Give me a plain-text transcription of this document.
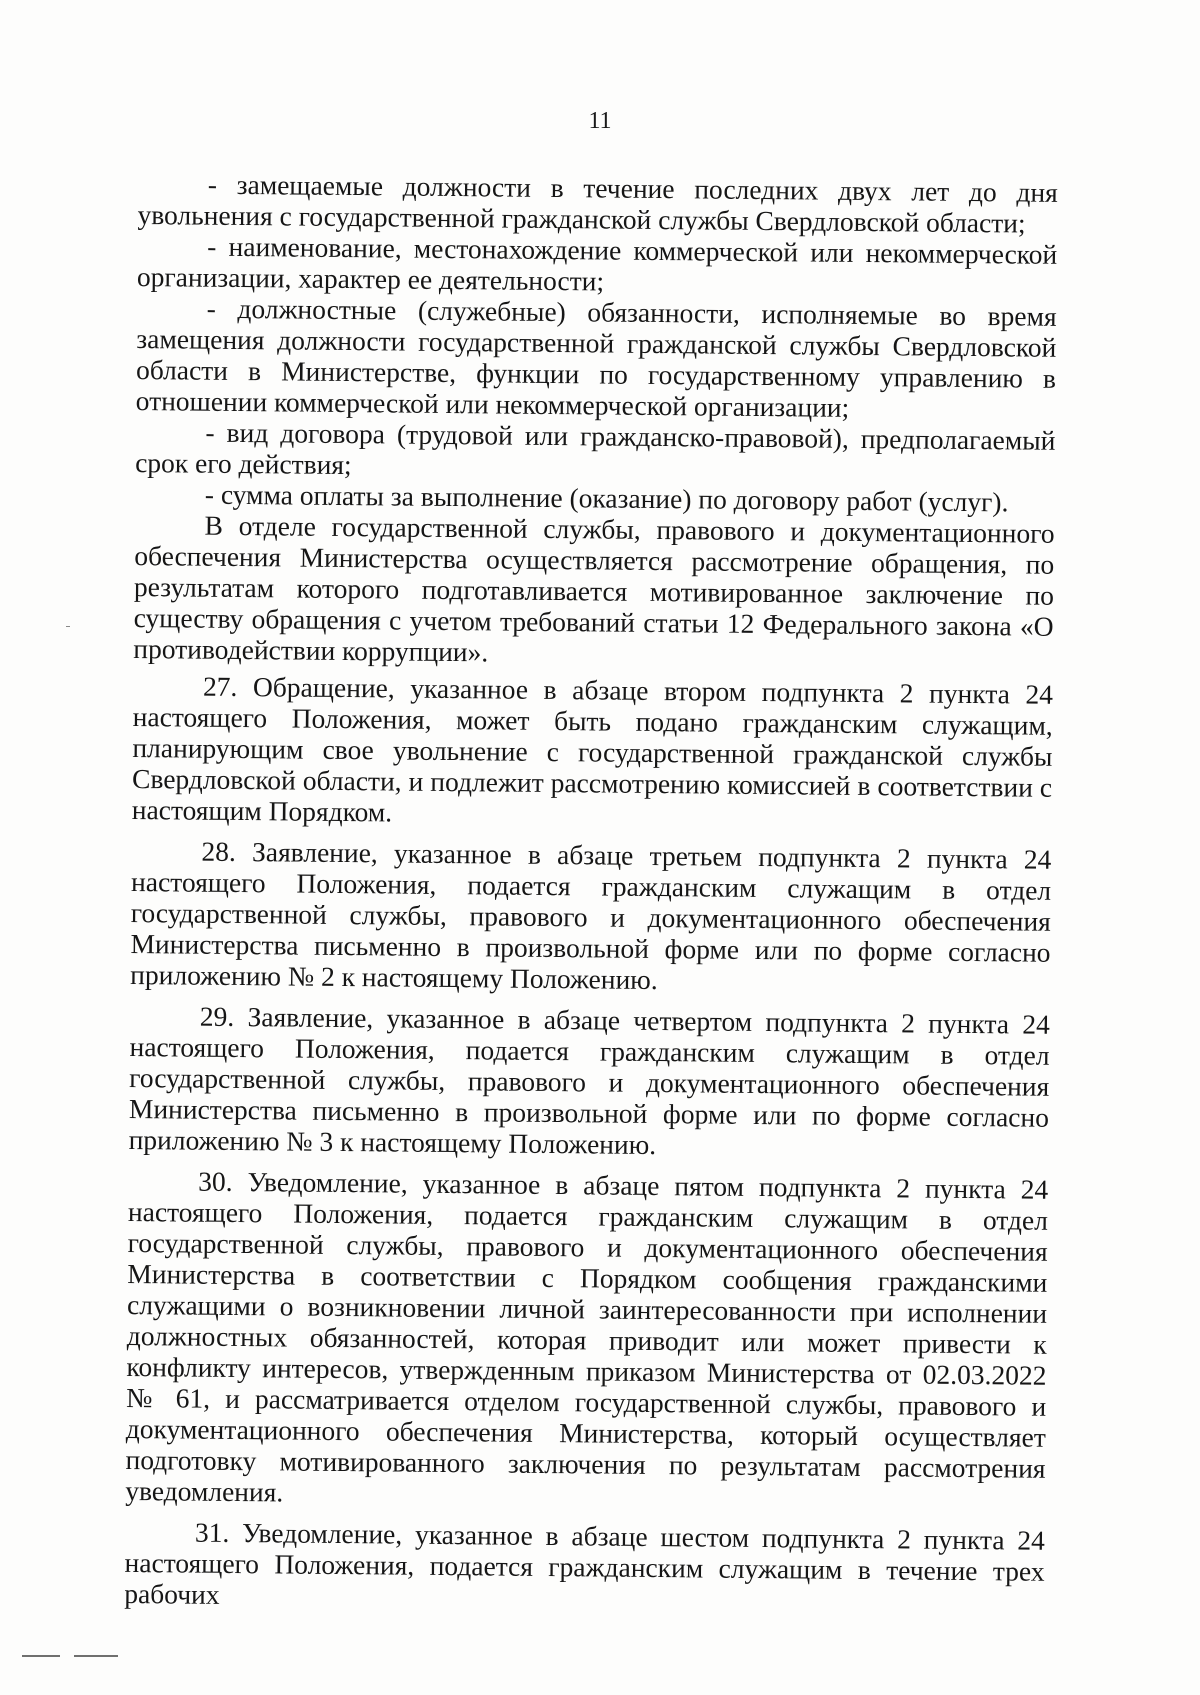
11

- замещаемые должности в течение последних двух лет до дня увольнения с государственной гражданской службы Свердловской области;

- наименование, местонахождение коммерческой или некоммерческой организации, характер ее деятельности;

- должностные (служебные) обязанности, исполняемые во время замещения должности государственной гражданской службы Свердловской области в Министерстве, функции по государственному управлению в отношении коммерческой или некоммерческой организации;

- вид договора (трудовой или гражданско-правовой), предполагаемый срок его действия;

- сумма оплаты за выполнение (оказание) по договору работ (услуг).

В отделе государственной службы, правового и документационного обеспечения Министерства осуществляется рассмотрение обращения, по результатам которого подготавливается мотивированное заключение по существу обращения с учетом требований статьи 12 Федерального закона «О противодействии коррупции».

27. Обращение, указанное в абзаце втором подпункта 2 пункта 24 настоящего Положения, может быть подано гражданским служащим, планирующим свое увольнение с государственной гражданской службы Свердловской области, и подлежит рассмотрению комиссией в соответствии с настоящим Порядком.

28. Заявление, указанное в абзаце третьем подпункта 2 пункта 24 настоящего Положения, подается гражданским служащим в отдел государственной службы, правового и документационного обеспечения Министерства письменно в произвольной форме или по форме согласно приложению № 2 к настоящему Положению.

29. Заявление, указанное в абзаце четвертом подпункта 2 пункта 24 настоящего Положения, подается гражданским служащим в отдел государственной службы, правового и документационного обеспечения Министерства письменно в произвольной форме или по форме согласно приложению № 3 к настоящему Положению.

30. Уведомление, указанное в абзаце пятом подпункта 2 пункта 24 настоящего Положения, подается гражданским служащим в отдел государственной службы, правового и документационного обеспечения Министерства в соответствии с Порядком сообщения гражданскими служащими о возникновении личной заинтересованности при исполнении должностных обязанностей, которая приводит или может привести к конфликту интересов, утвержденным приказом Министерства от 02.03.2022 № 61, и рассматривается отделом государственной службы, правового и документационного обеспечения Министерства, который осуществляет подготовку мотивированного заключения по результатам рассмотрения уведомления.

31. Уведомление, указанное в абзаце шестом подпункта 2 пункта 24 настоящего Положения, подается гражданским служащим в течение трех рабочих
